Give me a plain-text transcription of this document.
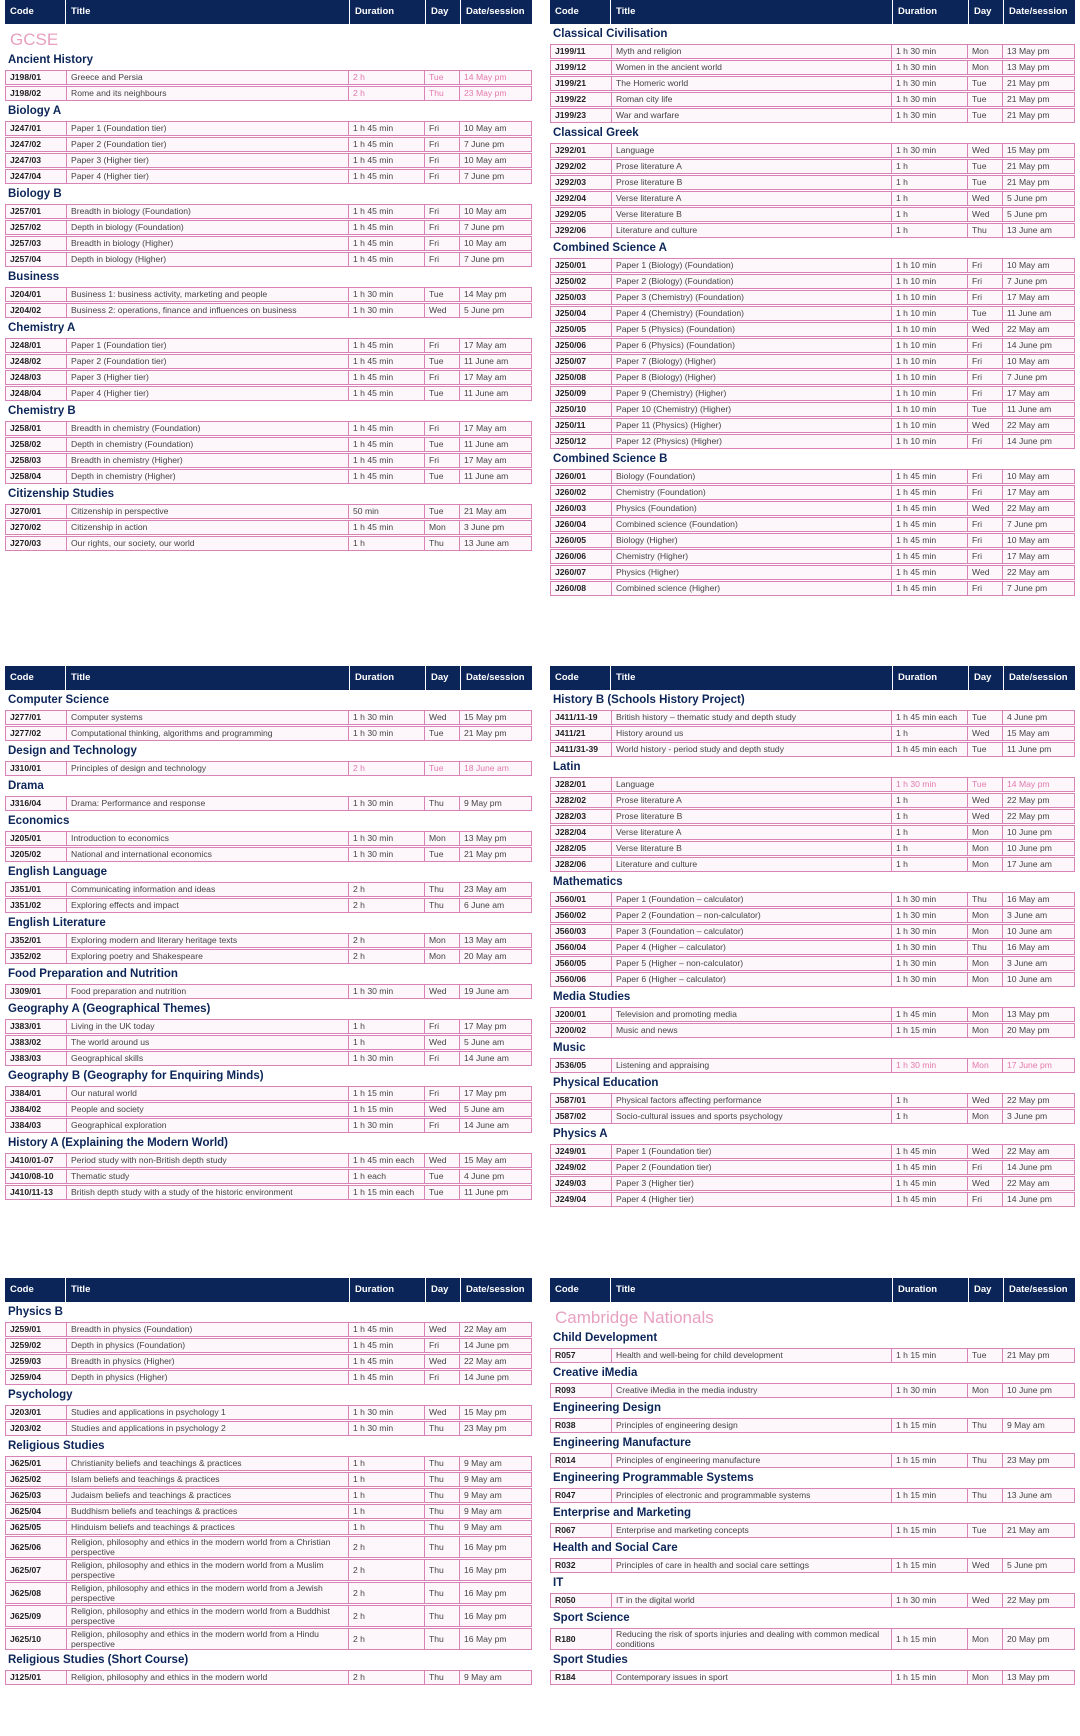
Code	Title	Duration	Day	Date/session
GCSE
Ancient History
J198/01	Greece and Persia	2 h	Tue	14 May pm
J198/02	Rome and its neighbours	2 h	Thu	23 May pm
Biology A
J247/01	Paper 1 (Foundation tier)	1 h 45 min	Fri	10 May am
J247/02	Paper 2 (Foundation tier)	1 h 45 min	Fri	7 June pm
J247/03	Paper 3 (Higher tier)	1 h 45 min	Fri	10 May am
J247/04	Paper 4 (Higher tier)	1 h 45 min	Fri	7 June pm
Biology B
J257/01	Breadth in biology (Foundation)	1 h 45 min	Fri	10 May am
J257/02	Depth in biology (Foundation)	1 h 45 min	Fri	7 June pm
J257/03	Breadth in biology (Higher)	1 h 45 min	Fri	10 May am
J257/04	Depth in biology (Higher)	1 h 45 min	Fri	7 June pm
Business
J204/01	Business 1: business activity, marketing and people	1 h 30 min	Tue	14 May pm
J204/02	Business 2: operations, finance and influences on business	1 h 30 min	Wed	5 June pm
Chemistry A
J248/01	Paper 1 (Foundation tier)	1 h 45 min	Fri	17 May am
J248/02	Paper 2 (Foundation tier)	1 h 45 min	Tue	11 June am
J248/03	Paper 3 (Higher tier)	1 h 45 min	Fri	17 May am
J248/04	Paper 4 (Higher tier)	1 h 45 min	Tue	11 June am
Chemistry B
J258/01	Breadth in chemistry (Foundation)	1 h 45 min	Fri	17 May am
J258/02	Depth in chemistry (Foundation)	1 h 45 min	Tue	11 June am
J258/03	Breadth in chemistry (Higher)	1 h 45 min	Fri	17 May am
J258/04	Depth in chemistry (Higher)	1 h 45 min	Tue	11 June am
Citizenship Studies
J270/01	Citizenship in perspective	50 min	Tue	21 May am
J270/02	Citizenship in action	1 h 45 min	Mon	3 June pm
J270/03	Our rights, our society, our world	1 h	Thu	13 June am
Code	Title	Duration	Day	Date/session
Classical Civilisation
J199/11	Myth and religion	1 h 30 min	Mon	13 May pm
J199/12	Women in the ancient world	1 h 30 min	Mon	13 May pm
J199/21	The Homeric world	1 h 30 min	Tue	21 May pm
J199/22	Roman city life	1 h 30 min	Tue	21 May pm
J199/23	War and warfare	1 h 30 min	Tue	21 May pm
Classical Greek
J292/01	Language	1 h 30 min	Wed	15 May pm
J292/02	Prose literature A	1 h	Tue	21 May pm
J292/03	Prose literature B	1 h	Tue	21 May pm
J292/04	Verse literature A	1 h	Wed	5 June pm
J292/05	Verse literature B	1 h	Wed	5 June pm
J292/06	Literature and culture	1 h	Thu	13 June am
Combined Science A
J250/01	Paper 1 (Biology) (Foundation)	1 h 10 min	Fri	10 May am
J250/02	Paper 2 (Biology) (Foundation)	1 h 10 min	Fri	7 June pm
J250/03	Paper 3 (Chemistry) (Foundation)	1 h 10 min	Fri	17 May am
J250/04	Paper 4 (Chemistry) (Foundation)	1 h 10 min	Tue	11 June am
J250/05	Paper 5 (Physics) (Foundation)	1 h 10 min	Wed	22 May am
J250/06	Paper 6 (Physics) (Foundation)	1 h 10 min	Fri	14 June pm
J250/07	Paper 7 (Biology) (Higher)	1 h 10 min	Fri	10 May am
J250/08	Paper 8 (Biology) (Higher)	1 h 10 min	Fri	7 June pm
J250/09	Paper 9 (Chemistry) (Higher)	1 h 10 min	Fri	17 May am
J250/10	Paper 10 (Chemistry) (Higher)	1 h 10 min	Tue	11 June am
J250/11	Paper 11 (Physics) (Higher)	1 h 10 min	Wed	22 May am
J250/12	Paper 12 (Physics) (Higher)	1 h 10 min	Fri	14 June pm
Combined Science B
J260/01	Biology (Foundation)	1 h 45 min	Fri	10 May am
J260/02	Chemistry (Foundation)	1 h 45 min	Fri	17 May am
J260/03	Physics (Foundation)	1 h 45 min	Wed	22 May am
J260/04	Combined science (Foundation)	1 h 45 min	Fri	7 June pm
J260/05	Biology (Higher)	1 h 45 min	Fri	10 May am
J260/06	Chemistry (Higher)	1 h 45 min	Fri	17 May am
J260/07	Physics (Higher)	1 h 45 min	Wed	22 May am
J260/08	Combined science (Higher)	1 h 45 min	Fri	7 June pm
Code	Title	Duration	Day	Date/session
Computer Science
J277/01	Computer systems	1 h 30 min	Wed	15 May pm
J277/02	Computational thinking, algorithms and programming	1 h 30 min	Tue	21 May pm
Design and Technology
J310/01	Principles of design and technology	2 h	Tue	18 June am
Drama
J316/04	Drama: Performance and response	1 h 30 min	Thu	9 May pm
Economics
J205/01	Introduction to economics	1 h 30 min	Mon	13 May pm
J205/02	National and international economics	1 h 30 min	Tue	21 May pm
English Language
J351/01	Communicating information and ideas	2 h	Thu	23 May am
J351/02	Exploring effects and impact	2 h	Thu	6 June am
English Literature
J352/01	Exploring modern and literary heritage texts	2 h	Mon	13 May am
J352/02	Exploring poetry and Shakespeare	2 h	Mon	20 May am
Food Preparation and Nutrition
J309/01	Food preparation and nutrition	1 h 30 min	Wed	19 June am
Geography A (Geographical Themes)
J383/01	Living in the UK today	1 h	Fri	17 May pm
J383/02	The world around us	1 h	Wed	5 June am
J383/03	Geographical skills	1 h 30 min	Fri	14 June am
Geography B (Geography for Enquiring Minds)
J384/01	Our natural world	1 h 15 min	Fri	17 May pm
J384/02	People and society	1 h 15 min	Wed	5 June am
J384/03	Geographical exploration	1 h 30 min	Fri	14 June am
History A (Explaining the Modern World)
J410/01-07	Period study with non-British depth study	1 h 45 min each	Wed	15 May am
J410/08-10	Thematic study	1 h each	Tue	4 June pm
J410/11-13	British depth study with a study of the historic environment	1 h 15 min each	Tue	11 June pm
Code	Title	Duration	Day	Date/session
History B (Schools History Project)
J411/11-19	British history – thematic study and depth study	1 h 45 min each	Tue	4 June pm
J411/21	History around us	1 h	Wed	15 May am
J411/31-39	World history - period study and depth study	1 h 45 min each	Tue	11 June pm
Latin
J282/01	Language	1 h 30 min	Tue	14 May pm
J282/02	Prose literature A	1 h	Wed	22 May pm
J282/03	Prose literature B	1 h	Wed	22 May pm
J282/04	Verse literature A	1 h	Mon	10 June pm
J282/05	Verse literature B	1 h	Mon	10 June pm
J282/06	Literature and culture	1 h	Mon	17 June am
Mathematics
J560/01	Paper 1 (Foundation – calculator)	1 h 30 min	Thu	16 May am
J560/02	Paper 2 (Foundation – non-calculator)	1 h 30 min	Mon	3 June am
J560/03	Paper 3 (Foundation – calculator)	1 h 30 min	Mon	10 June am
J560/04	Paper 4 (Higher – calculator)	1 h 30 min	Thu	16 May am
J560/05	Paper 5 (Higher – non-calculator)	1 h 30 min	Mon	3 June am
J560/06	Paper 6 (Higher – calculator)	1 h 30 min	Mon	10 June am
Media Studies
J200/01	Television and promoting media	1 h 45 min	Mon	13 May pm
J200/02	Music and news	1 h 15 min	Mon	20 May pm
Music
J536/05	Listening and appraising	1 h 30 min	Mon	17 June pm
Physical Education
J587/01	Physical factors affecting performance	1 h	Wed	22 May pm
J587/02	Socio-cultural issues and sports psychology	1 h	Mon	3 June pm
Physics A
J249/01	Paper 1 (Foundation tier)	1 h 45 min	Wed	22 May am
J249/02	Paper 2 (Foundation tier)	1 h 45 min	Fri	14 June pm
J249/03	Paper 3 (Higher tier)	1 h 45 min	Wed	22 May am
J249/04	Paper 4 (Higher tier)	1 h 45 min	Fri	14 June pm
Code	Title	Duration	Day	Date/session
Physics B
J259/01	Breadth in physics (Foundation)	1 h 45 min	Wed	22 May am
J259/02	Depth in physics (Foundation)	1 h 45 min	Fri	14 June pm
J259/03	Breadth in physics (Higher)	1 h 45 min	Wed	22 May am
J259/04	Depth in physics (Higher)	1 h 45 min	Fri	14 June pm
Psychology
J203/01	Studies and applications in psychology 1	1 h 30 min	Wed	15 May pm
J203/02	Studies and applications in psychology 2	1 h 30 min	Thu	23 May pm
Religious Studies
J625/01	Christianity beliefs and teachings & practices	1 h	Thu	9 May am
J625/02	Islam beliefs and teachings & practices	1 h	Thu	9 May am
J625/03	Judaism beliefs and teachings & practices	1 h	Thu	9 May am
J625/04	Buddhism beliefs and teachings & practices	1 h	Thu	9 May am
J625/05	Hinduism beliefs and teachings & practices	1 h	Thu	9 May am
J625/06	Religion, philosophy and ethics in the modern world from a Christian perspective	2 h	Thu	16 May pm
J625/07	Religion, philosophy and ethics in the modern world from a Muslim perspective	2 h	Thu	16 May pm
J625/08	Religion, philosophy and ethics in the modern world from a Jewish perspective	2 h	Thu	16 May pm
J625/09	Religion, philosophy and ethics in the modern world from a Buddhist perspective	2 h	Thu	16 May pm
J625/10	Religion, philosophy and ethics in the modern world from a Hindu perspective	2 h	Thu	16 May pm
Religious Studies (Short Course)
J125/01	Religion, philosophy and ethics in the modern world	2 h	Thu	9 May am
Code	Title	Duration	Day	Date/session
Cambridge Nationals
Child Development
R057	Health and well-being for child development	1 h 15 min	Tue	21 May pm
Creative iMedia
R093	Creative iMedia in the media industry	1 h 30 min	Mon	10 June pm
Engineering Design
R038	Principles of engineering design	1 h 15 min	Thu	9 May am
Engineering Manufacture
R014	Principles of engineering manufacture	1 h 15 min	Thu	23 May pm
Engineering Programmable Systems
R047	Principles of electronic and programmable systems	1 h 15 min	Thu	13 June am
Enterprise and Marketing
R067	Enterprise and marketing concepts	1 h 15 min	Tue	21 May am
Health and Social Care
R032	Principles of care in health and social care settings	1 h 15 min	Wed	5 June pm
IT
R050	IT in the digital world	1 h 30 min	Wed	22 May pm
Sport Science
R180	Reducing the risk of sports injuries and dealing with common medical conditions	1 h 15 min	Mon	20 May pm
Sport Studies
R184	Contemporary issues in sport	1 h 15 min	Mon	13 May pm
